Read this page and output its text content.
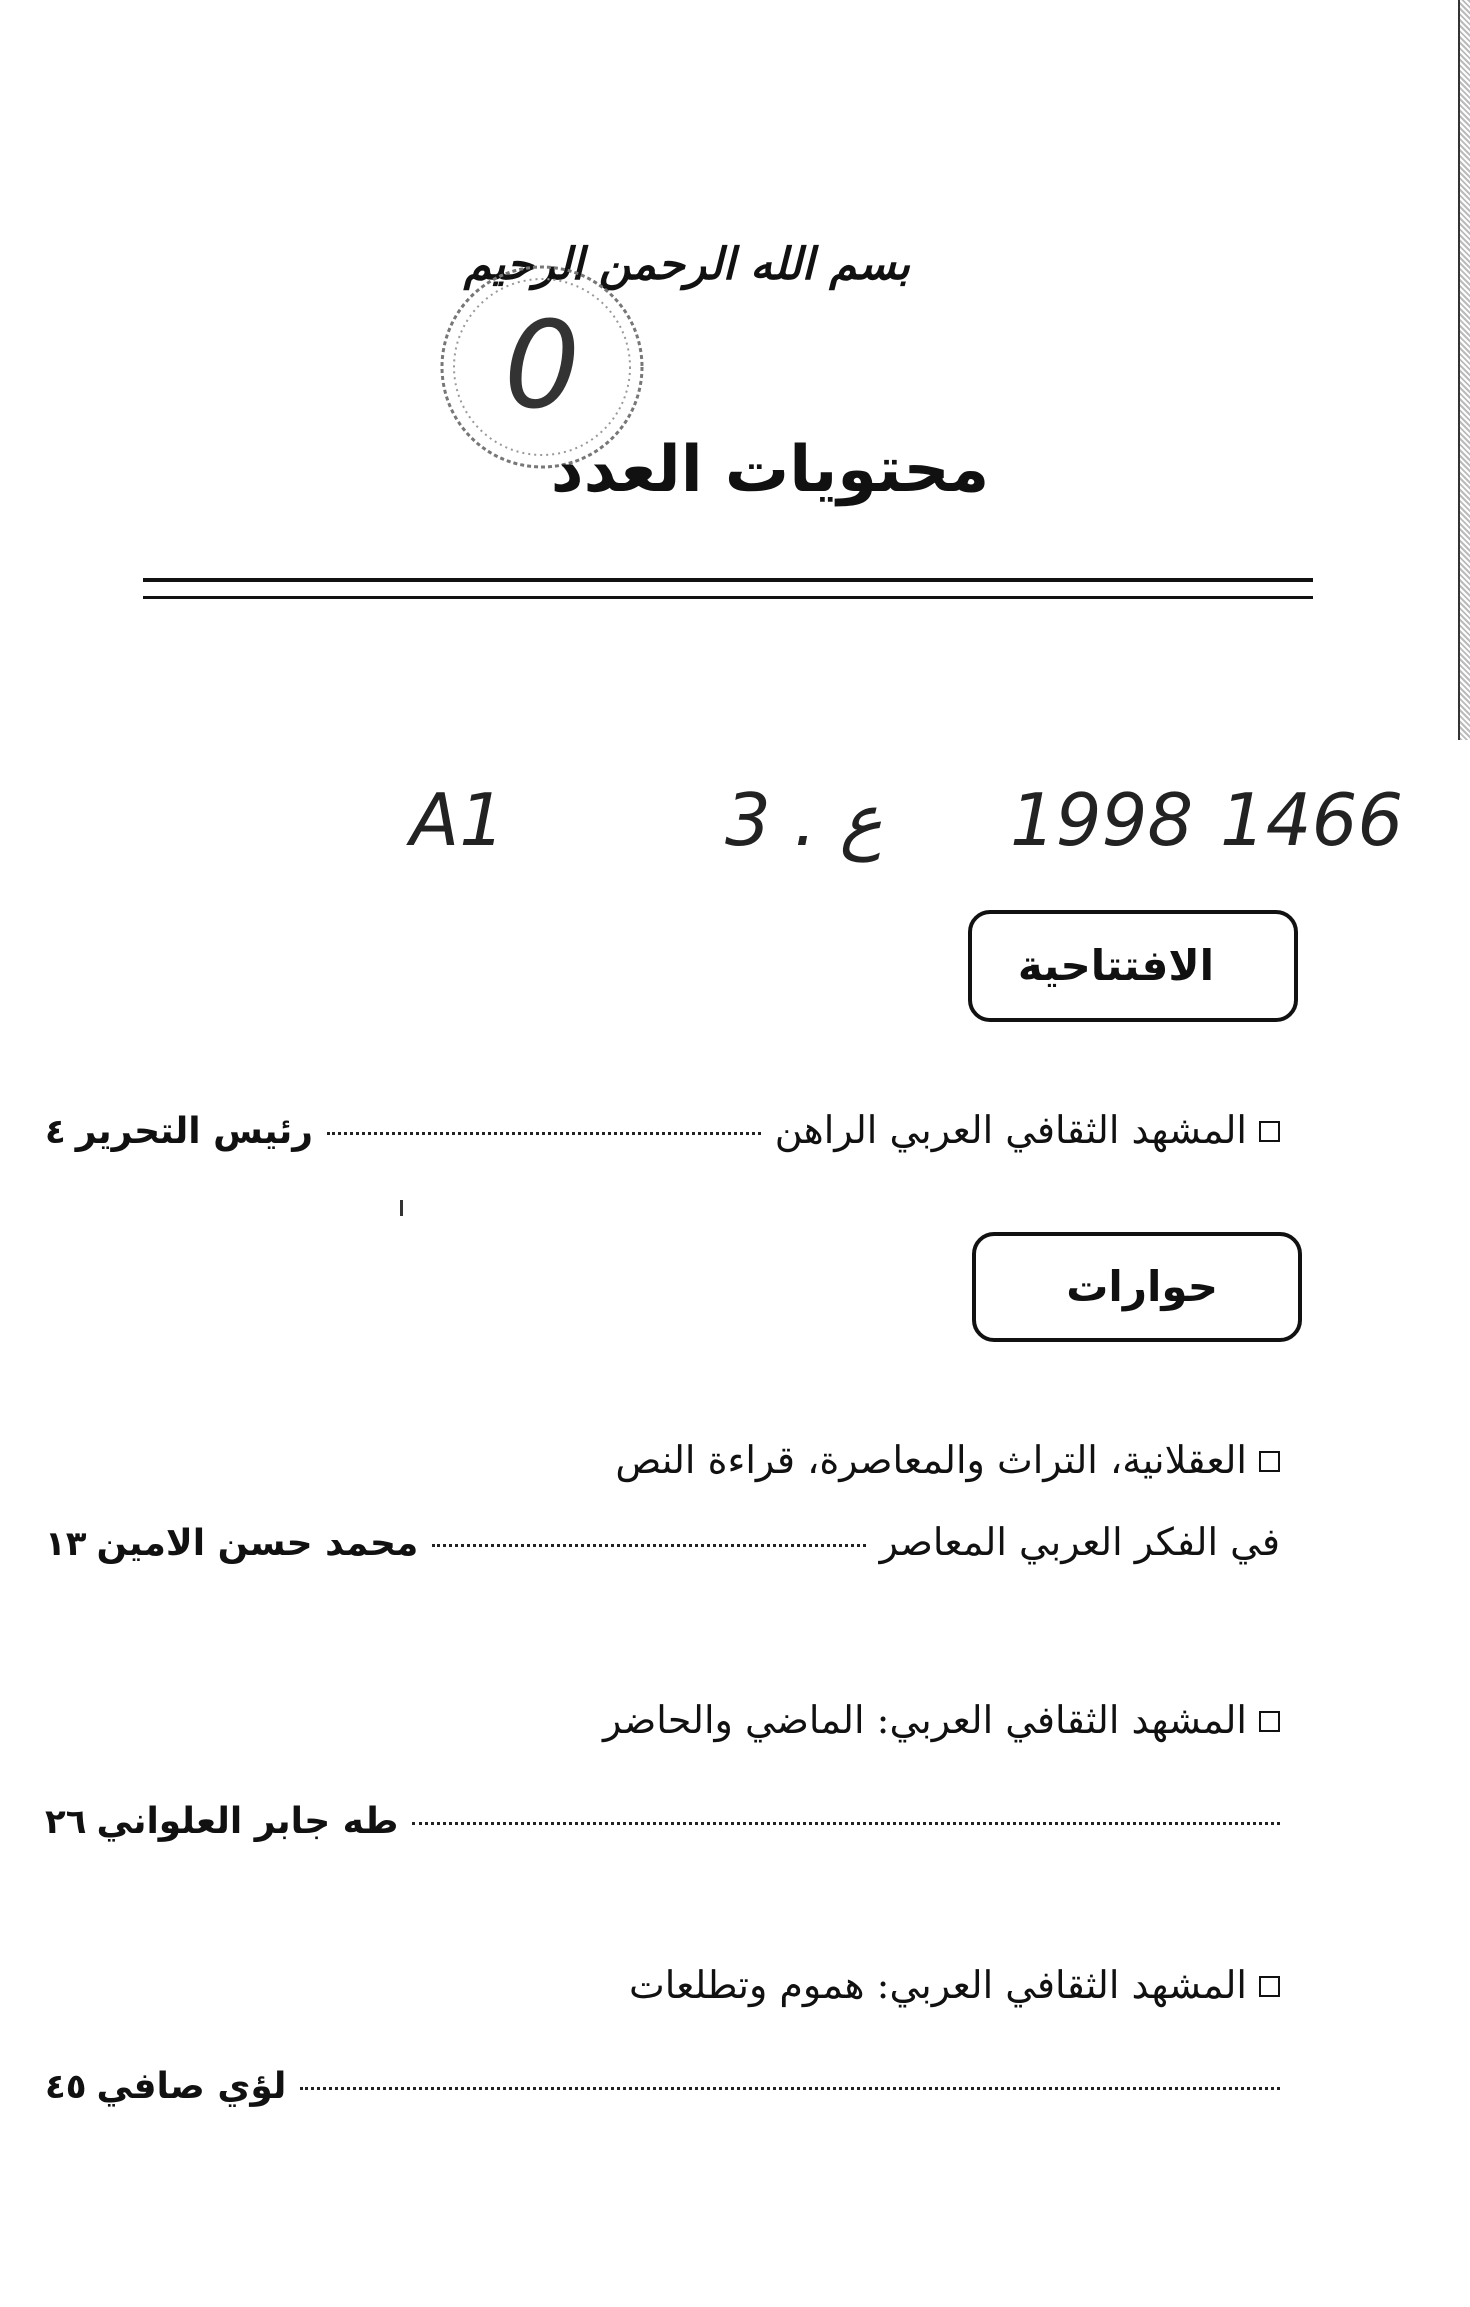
بسم الله الرحمن الرحيم
0
محتويات العدد
A1	3 . ع 1998 1466
الافتتاحية
المشهد الثقافي العربي الراهن
رئيس التحرير
٤
حوارات
العقلانية، التراث والمعاصرة، قراءة النص
في الفكر العربي المعاصر
محمد حسن الامين
١٣
المشهد الثقافي العربي: الماضي والحاضر
طه جابر العلواني
٢٦
المشهد الثقافي العربي: هموم وتطلعات
لؤي صافي
٤٥
